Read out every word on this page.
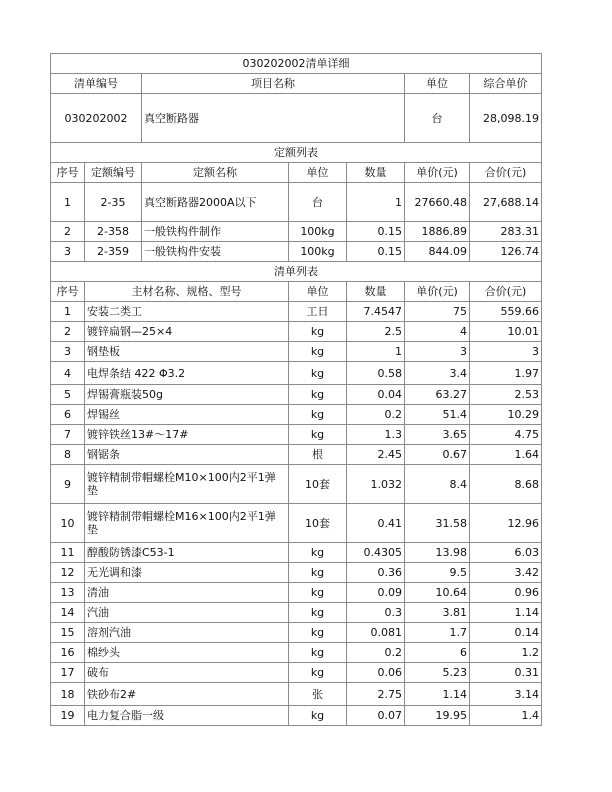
030202002清单详细						
清单编号		项目名称			单位	综合单价
030202002		真空断路器			台	28,098.19
定额列表						
序号	定额编号	定额名称	单位	数量	单价(元)	合价(元)
1	2-35	真空断路器2000A以下	台	1	27660.48	27,688.14
2	2-358	一般铁构件制作	100kg	0.15	1886.89	283.31
3	2-359	一般铁构件安装	100kg	0.15	844.09	126.74
清单列表						
序号	主材名称、规格、型号		单位	数量	单价(元)	合价(元)
1	安装二类工		工日	7.4547	75	559.66
2	镀锌扁钢—25×4		kg	2.5	4	10.01
3	钢垫板		kg	1	3	3
4	电焊条结 422 Φ3.2		kg	0.58	3.4	1.97
5	焊锡膏瓶装50g		kg	0.04	63.27	2.53
6	焊锡丝		kg	0.2	51.4	10.29
7	镀锌铁丝13#～17#		kg	1.3	3.65	4.75
8	钢锯条		根	2.45	0.67	1.64
9	镀锌精制带帽螺栓M10×100内2平1弹垫		10套	1.032	8.4	8.68
10	镀锌精制带帽螺栓M16×100内2平1弹垫		10套	0.41	31.58	12.96
11	醇酸防锈漆C53-1		kg	0.4305	13.98	6.03
12	无光调和漆		kg	0.36	9.5	3.42
13	清油		kg	0.09	10.64	0.96
14	汽油		kg	0.3	3.81	1.14
15	溶剂汽油		kg	0.081	1.7	0.14
16	棉纱头		kg	0.2	6	1.2
17	破布		kg	0.06	5.23	0.31
18	铁砂布2#		张	2.75	1.14	3.14
19	电力复合脂一级		kg	0.07	19.95	1.4
